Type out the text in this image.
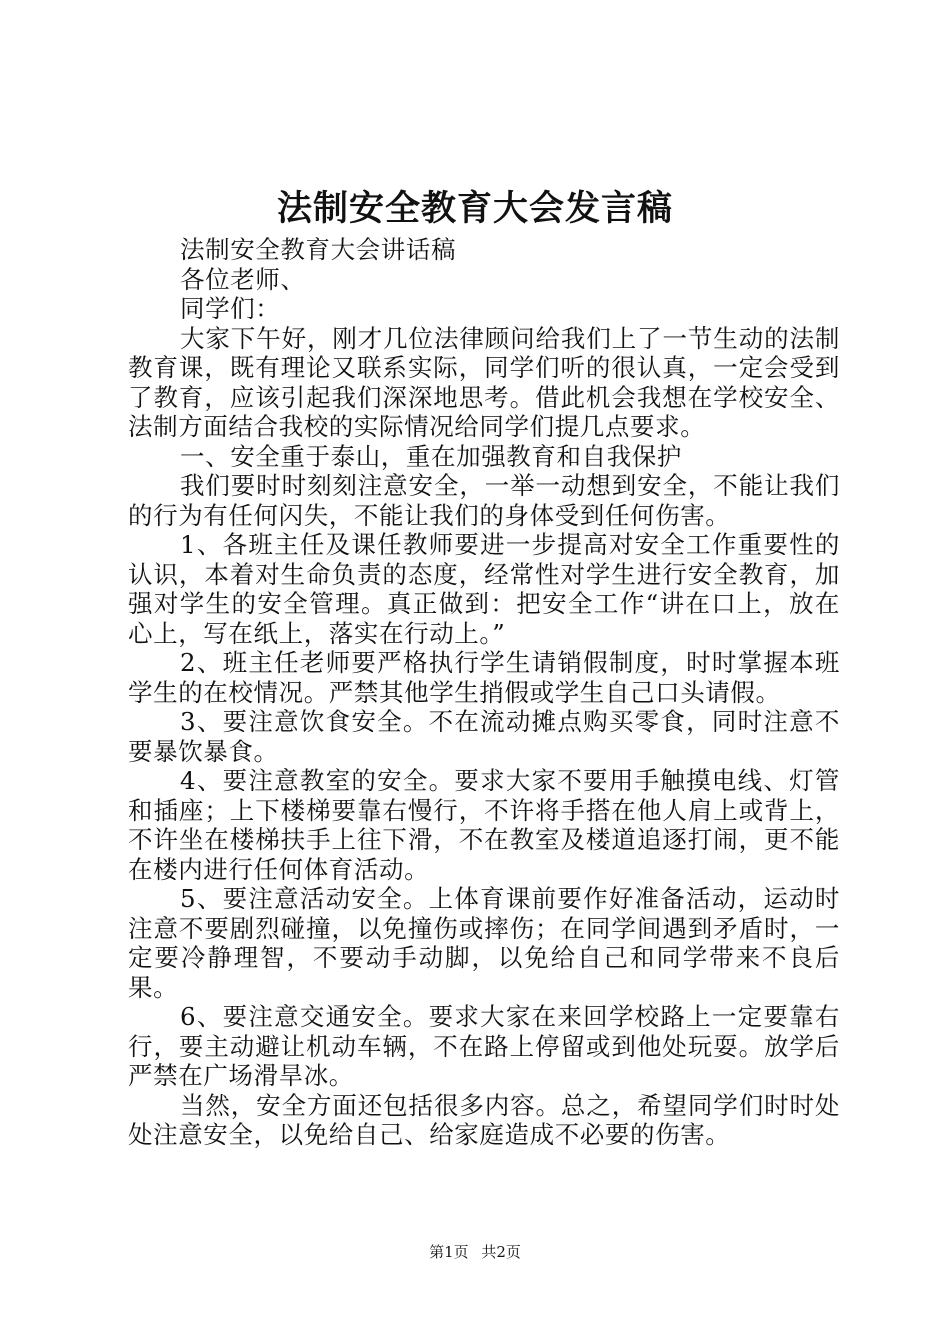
法制安全教育大会发言稿

法制安全教育大会讲话稿

各位老师、

同学们：

大家下午好，刚才几位法律顾问给我们上了一节生动的法制教育课，既有理论又联系实际，同学们听的很认真，一定会受到了教育，应该引起我们深深地思考。借此机会我想在学校安全、法制方面结合我校的实际情况给同学们提几点要求。

一、安全重于泰山，重在加强教育和自我保护

我们要时时刻刻注意安全，一举一动想到安全，不能让我们的行为有任何闪失，不能让我们的身体受到任何伤害。

1、各班主任及课任教师要进一步提高对安全工作重要性的认识，本着对生命负责的态度，经常性对学生进行安全教育，加强对学生的安全管理。真正做到：把安全工作“讲在口上，放在心上，写在纸上，落实在行动上。”

2、班主任老师要严格执行学生请销假制度，时时掌握本班学生的在校情况。严禁其他学生捎假或学生自己口头请假。

3、要注意饮食安全。不在流动摊点购买零食，同时注意不要暴饮暴食。

4、要注意教室的安全。要求大家不要用手触摸电线、灯管和插座；上下楼梯要靠右慢行，不许将手搭在他人肩上或背上，不许坐在楼梯扶手上往下滑，不在教室及楼道追逐打闹，更不能在楼内进行任何体育活动。

5、要注意活动安全。上体育课前要作好准备活动，运动时注意不要剧烈碰撞，以免撞伤或摔伤；在同学间遇到矛盾时，一定要冷静理智，不要动手动脚，以免给自己和同学带来不良后果。

6、要注意交通安全。要求大家在来回学校路上一定要靠右行，要主动避让机动车辆，不在路上停留或到他处玩耍。放学后严禁在广场滑旱冰。

当然，安全方面还包括很多内容。总之，希望同学们时时处处注意安全，以免给自己、给家庭造成不必要的伤害。

第1页 共2页
